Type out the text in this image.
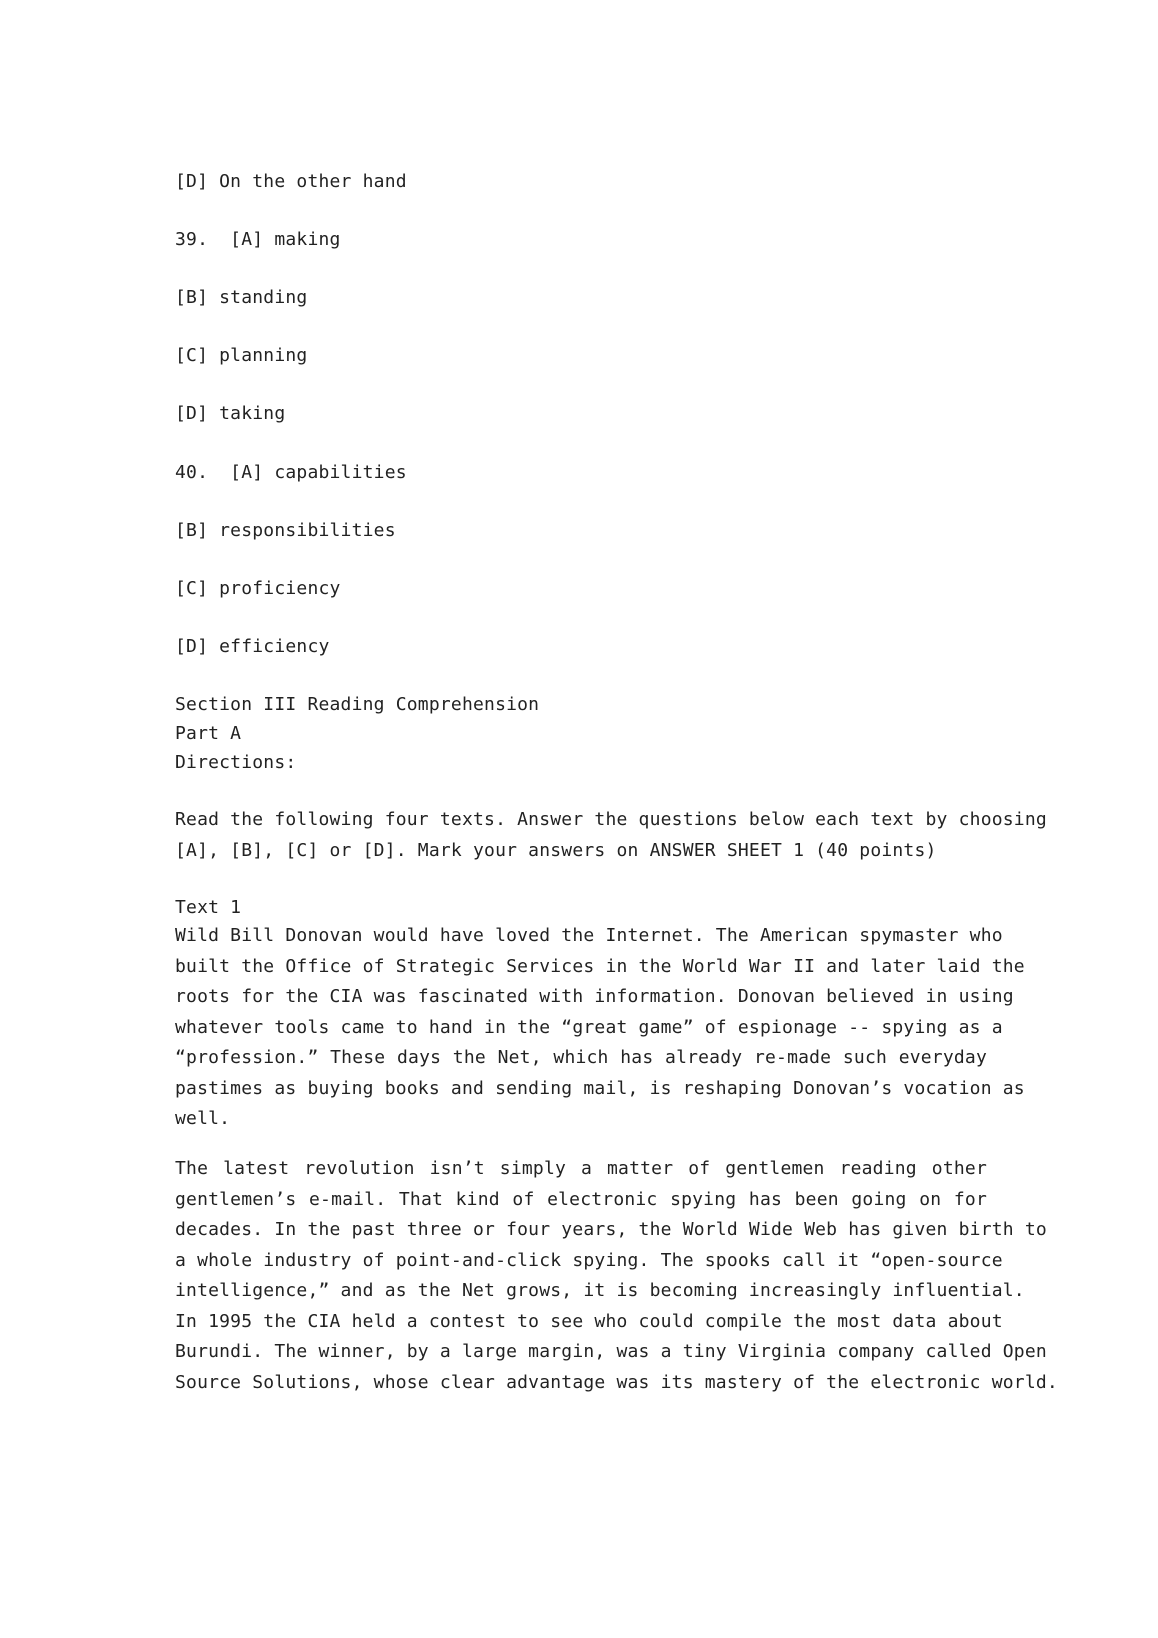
[D] On the other hand

39.  [A] making

[B] standing

[C] planning

[D] taking

40.  [A] capabilities

[B] responsibilities

[C] proficiency

[D] efficiency

Section III Reading Comprehension

Part A

Directions:

Read the following four texts. Answer the questions below each text by choosing
[A], [B], [C] or [D]. Mark your answers on ANSWER SHEET 1 (40 points)

Text 1

Wild Bill Donovan would have loved the Internet. The American spymaster who
built the Office of Strategic Services in the World War II and later laid the
roots for the CIA was fascinated with information. Donovan believed in using
whatever tools came to hand in the “great game” of espionage -- spying as a
“profession.” These days the Net, which has already re-made such everyday
pastimes as buying books and sending mail, is reshaping Donovan’s vocation as
well.
The latest revolution isn’t simply a matter of gentlemen reading other
gentlemen’s e-mail. That kind of electronic spying has been going on for
decades. In the past three or four years, the World Wide Web has given birth to
a whole industry of point-and-click spying. The spooks call it “open-source
intelligence,” and as the Net grows, it is becoming increasingly influential.
In 1995 the CIA held a contest to see who could compile the most data about
Burundi. The winner, by a large margin, was a tiny Virginia company called Open
Source Solutions, whose clear advantage was its mastery of the electronic world.
